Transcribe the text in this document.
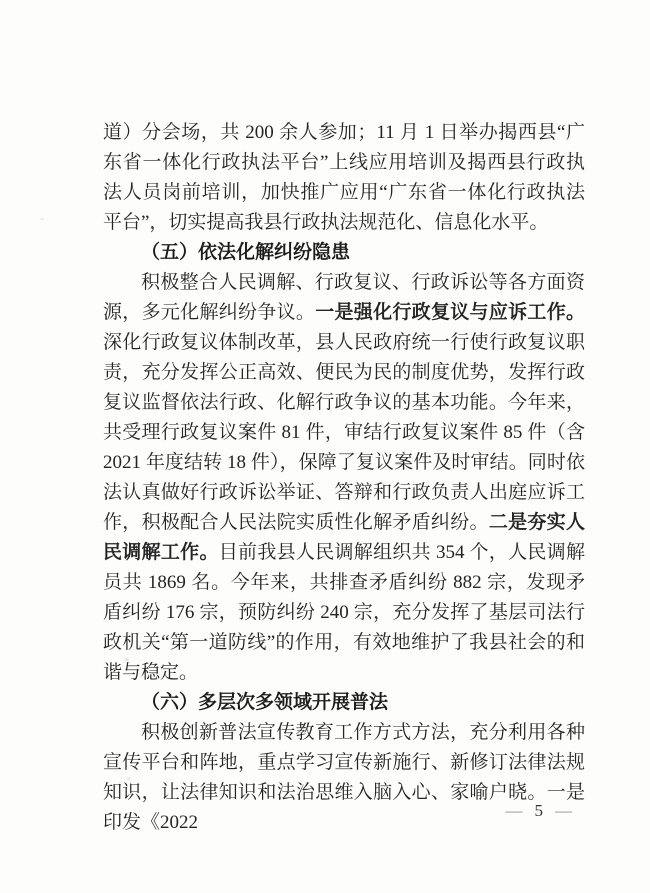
道）分会场，共 200 余人参加；11 月 1 日举办揭西县“广东省一体化行政执法平台”上线应用培训及揭西县行政执法人员岗前培训，加快推广应用“广东省一体化行政执法平台”，切实提高我县行政执法规范化、信息化水平。

（五）依法化解纠纷隐患

积极整合人民调解、行政复议、行政诉讼等各方面资源，多元化解纠纷争议。一是强化行政复议与应诉工作。深化行政复议体制改革，县人民政府统一行使行政复议职责，充分发挥公正高效、便民为民的制度优势，发挥行政复议监督依法行政、化解行政争议的基本功能。今年来，共受理行政复议案件 81 件，审结行政复议案件 85 件（含 2021 年度结转 18 件），保障了复议案件及时审结。同时依法认真做好行政诉讼举证、答辩和行政负责人出庭应诉工作，积极配合人民法院实质性化解矛盾纠纷。二是夯实人民调解工作。目前我县人民调解组织共 354 个，人民调解员共 1869 名。今年来，共排查矛盾纠纷 882 宗，发现矛盾纠纷 176 宗，预防纠纷 240 宗，充分发挥了基层司法行政机关“第一道防线”的作用，有效地维护了我县社会的和谐与稳定。

（六）多层次多领域开展普法

积极创新普法宣传教育工作方式方法，充分利用各种宣传平台和阵地，重点学习宣传新施行、新修订法律法规知识，让法律知识和法治思维入脑入心、家喻户晓。一是印发《2022

— 5 —
